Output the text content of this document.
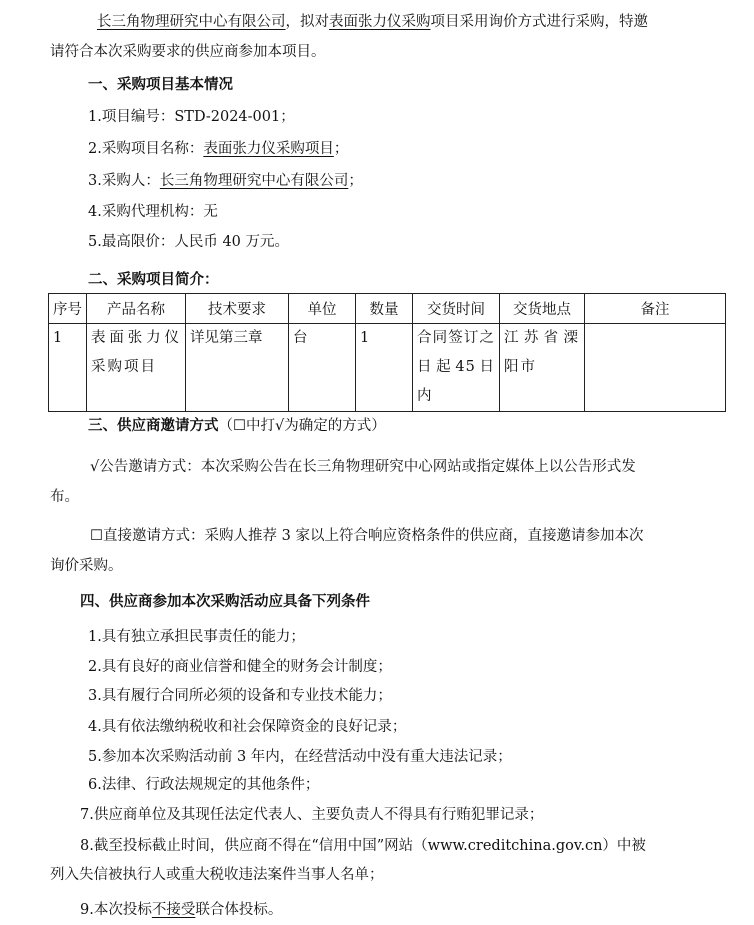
长三角物理研究中心有限公司，拟对表面张力仪采购项目采用询价方式进行采购，特邀
请符合本次采购要求的供应商参加本项目。
一、采购项目基本情况
1.项目编号：STD-2024-001；
2.采购项目名称：表面张力仪采购项目；
3.采购人：长三角物理研究中心有限公司；
4.采购代理机构：无
5.最高限价：人民币 40 万元。
二、采购项目简介：
序号	产品名称	技术要求	单位	数量	交货时间	交货地点	备注
1	表面张力仪采购项目	详见第三章	台	1	合同签订之日起45日内	江苏省溧阳市	
三、供应商邀请方式（☐中打√为确定的方式）
√公告邀请方式：本次采购公告在长三角物理研究中心网站或指定媒体上以公告形式发
布。
☐直接邀请方式：采购人推荐 3 家以上符合响应资格条件的供应商，直接邀请参加本次
询价采购。
四、供应商参加本次采购活动应具备下列条件
1.具有独立承担民事责任的能力；
2.具有良好的商业信誉和健全的财务会计制度；
3.具有履行合同所必须的设备和专业技术能力；
4.具有依法缴纳税收和社会保障资金的良好记录；
5.参加本次采购活动前 3 年内，在经营活动中没有重大违法记录；
6.法律、行政法规规定的其他条件；
7.供应商单位及其现任法定代表人、主要负责人不得具有行贿犯罪记录；
8.截至投标截止时间，供应商不得在“信用中国”网站（www.creditchina.gov.cn）中被
列入失信被执行人或重大税收违法案件当事人名单；
9.本次投标不接受联合体投标。
